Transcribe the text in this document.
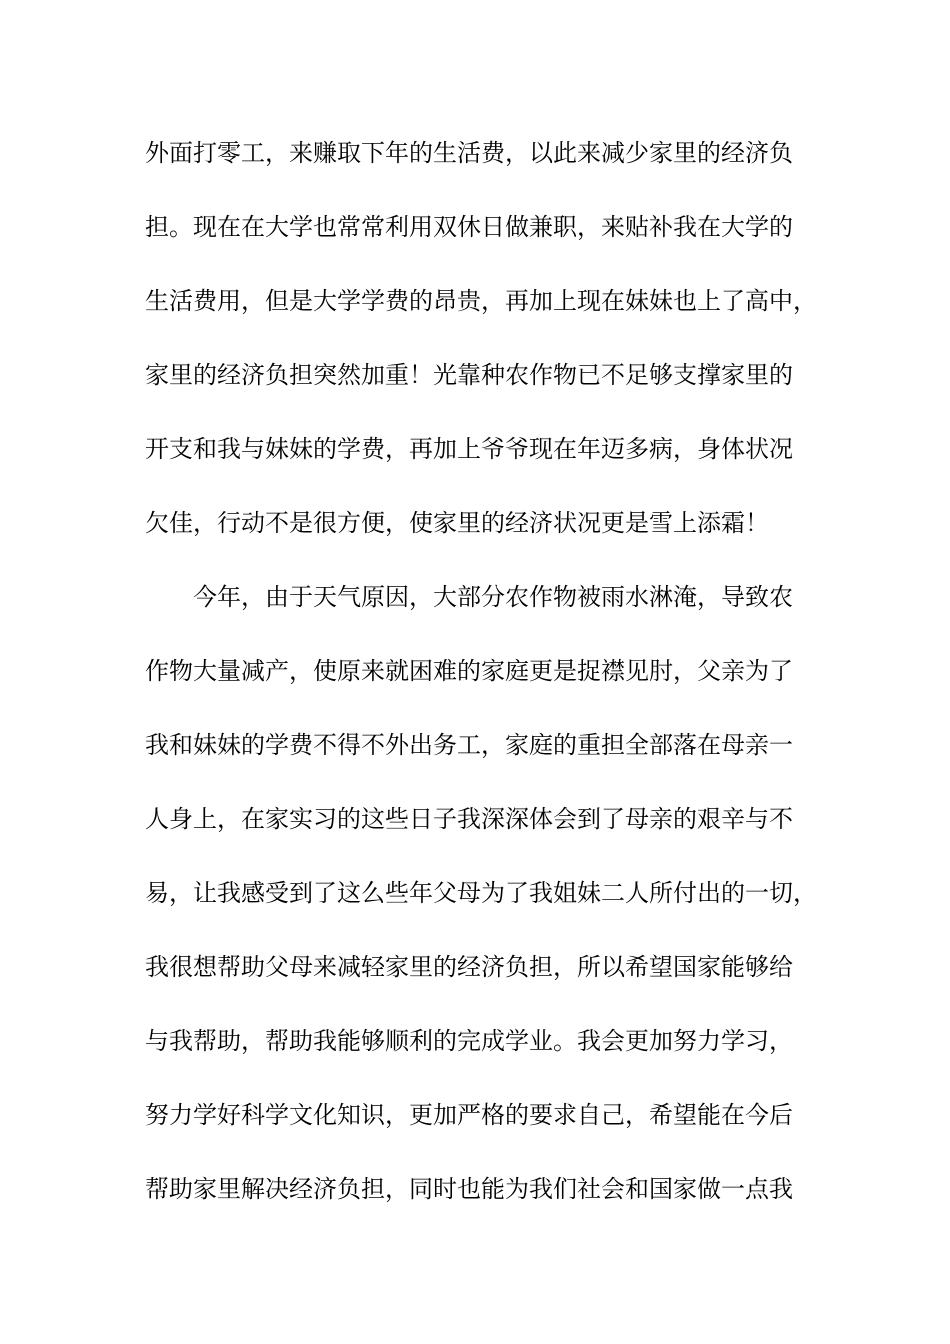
外面打零工，来赚取下年的生活费，以此来减少家里的经济负
担。现在在大学也常常利用双休日做兼职，来贴补我在大学的
生活费用，但是大学学费的昂贵，再加上现在妹妹也上了高中，
家里的经济负担突然加重！光靠种农作物已不足够支撑家里的
开支和我与妹妹的学费，再加上爷爷现在年迈多病，身体状况
欠佳，行动不是很方便，使家里的经济状况更是雪上添霜！
今年，由于天气原因，大部分农作物被雨水淋淹，导致农
作物大量减产，使原来就困难的家庭更是捉襟见肘，父亲为了
我和妹妹的学费不得不外出务工，家庭的重担全部落在母亲一
人身上，在家实习的这些日子我深深体会到了母亲的艰辛与不
易，让我感受到了这么些年父母为了我姐妹二人所付出的一切，
我很想帮助父母来减轻家里的经济负担，所以希望国家能够给
与我帮助，帮助我能够顺利的完成学业。我会更加努力学习，
努力学好科学文化知识，更加严格的要求自己，希望能在今后
帮助家里解决经济负担，同时也能为我们社会和国家做一点我
